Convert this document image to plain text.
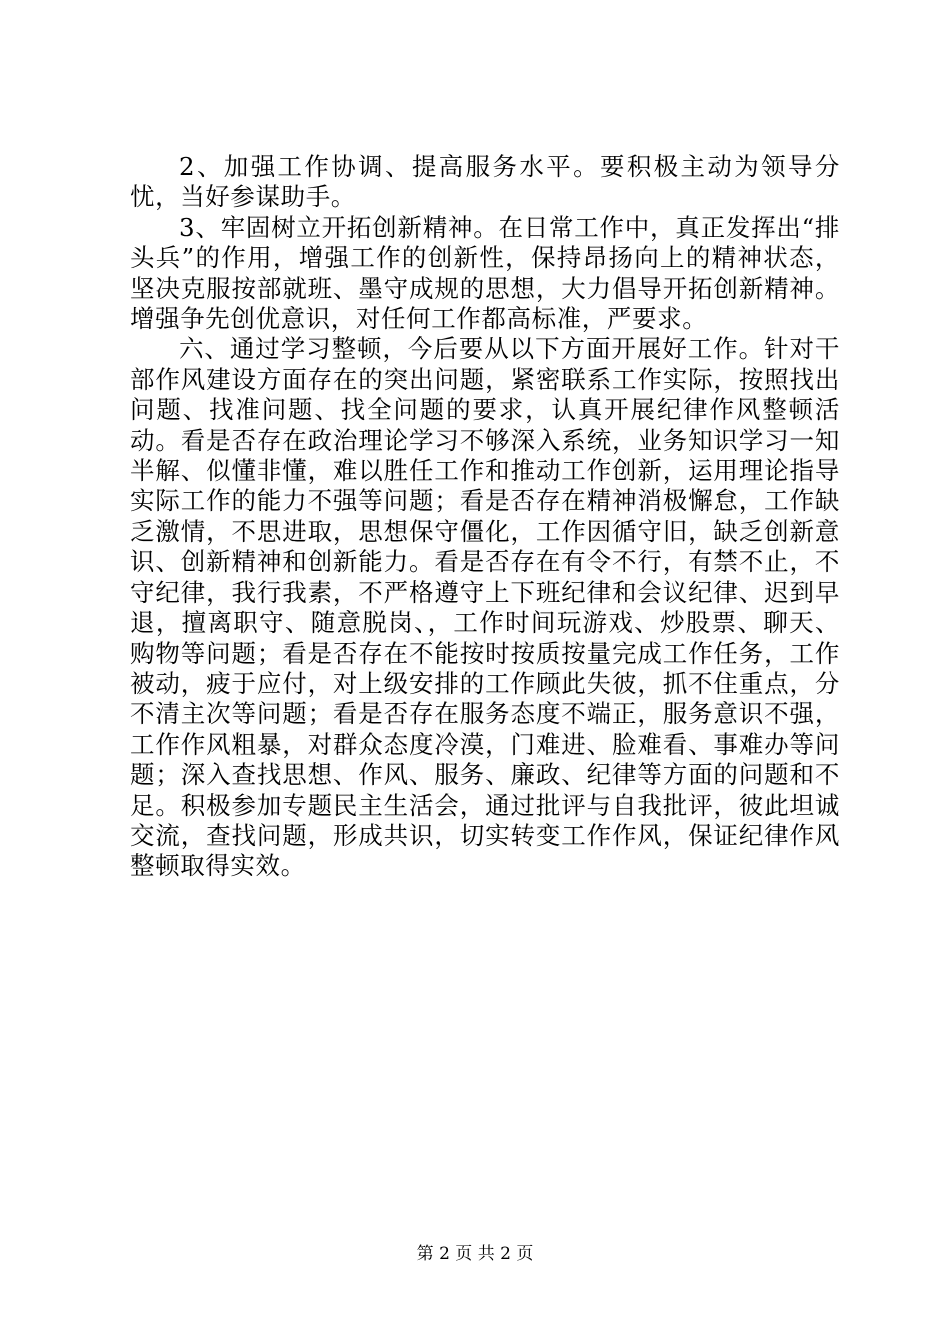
2、加强工作协调、提高服务水平。要积极主动为领导分忧，当好参谋助手。

3、牢固树立开拓创新精神。在日常工作中，真正发挥出“排头兵”的作用，增强工作的创新性，保持昂扬向上的精神状态，坚决克服按部就班、墨守成规的思想，大力倡导开拓创新精神。增强争先创优意识，对任何工作都高标准，严要求。

六、通过学习整顿，今后要从以下方面开展好工作。针对干部作风建设方面存在的突出问题，紧密联系工作实际，按照找出问题、找准问题、找全问题的要求，认真开展纪律作风整顿活动。看是否存在政治理论学习不够深入系统，业务知识学习一知半解、似懂非懂，难以胜任工作和推动工作创新，运用理论指导实际工作的能力不强等问题；看是否存在精神消极懈怠，工作缺乏激情，不思进取，思想保守僵化，工作因循守旧，缺乏创新意识、创新精神和创新能力。看是否存在有令不行，有禁不止，不守纪律，我行我素，不严格遵守上下班纪律和会议纪律、迟到早退，擅离职守、随意脱岗、，工作时间玩游戏、炒股票、聊天、购物等问题；看是否存在不能按时按质按量完成工作任务，工作被动，疲于应付，对上级安排的工作顾此失彼，抓不住重点，分不清主次等问题；看是否存在服务态度不端正，服务意识不强，工作作风粗暴，对群众态度冷漠，门难进、脸难看、事难办等问题；深入查找思想、作风、服务、廉政、纪律等方面的问题和不足。积极参加专题民主生活会，通过批评与自我批评，彼此坦诚交流，查找问题，形成共识，切实转变工作作风，保证纪律作风整顿取得实效。

第 2 页 共 2 页
